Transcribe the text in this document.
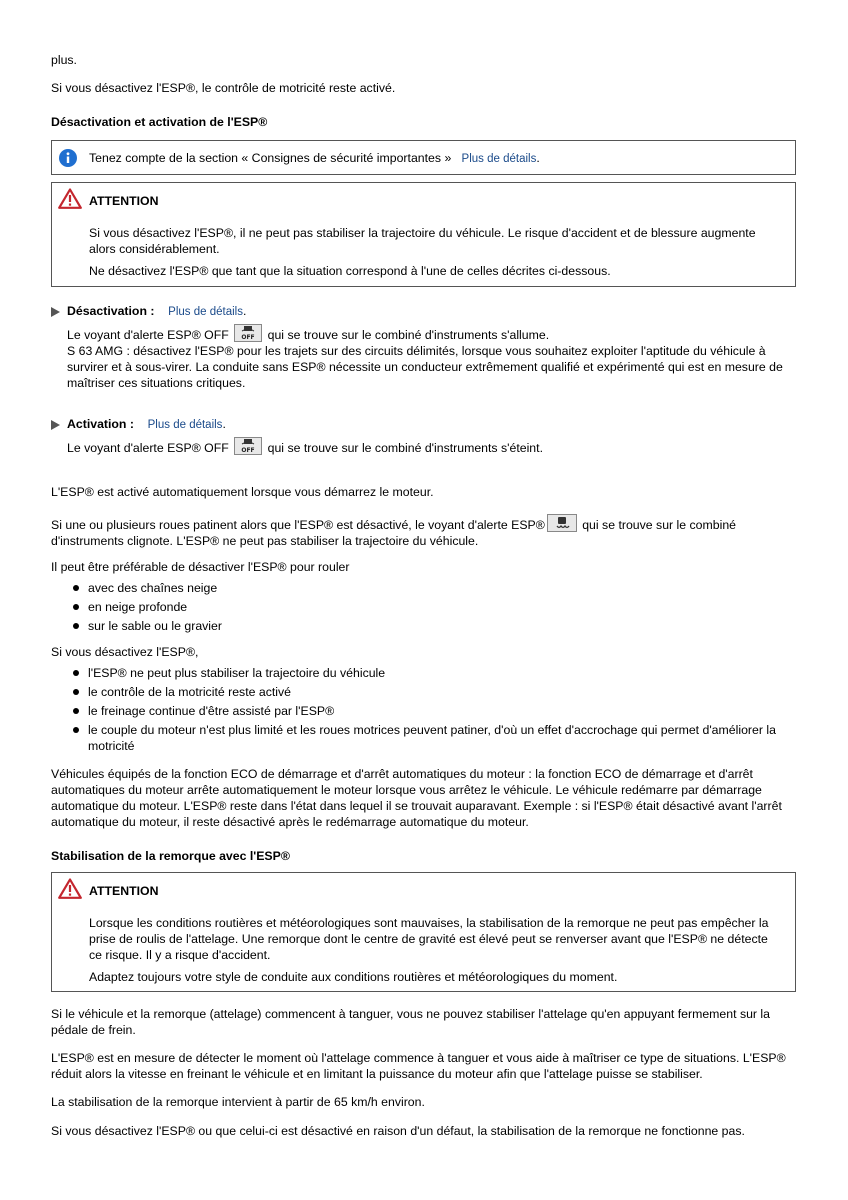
plus.

Si vous désactivez l'ESP®, le contrôle de motricité reste activé.

Désactivation et activation de l'ESP®

Tenez compte de la section « Consignes de sécurité importantes » Plus de détails.
ATTENTION
Si vous désactivez l'ESP®, il ne peut pas stabiliser la trajectoire du véhicule. Le risque d'accident et de blessure augmente alors considérablement.
Ne désactivez l'ESP® que tant que la situation correspond à l'une de celles décrites ci-dessous.
Désactivation : Plus de détails.
Le voyant d'alerte ESP® OFF OFF qui se trouve sur le combiné d'instruments s'allume.
S 63 AMG : désactivez l'ESP® pour les trajets sur des circuits délimités, lorsque vous souhaitez exploiter l'aptitude du véhicule à survirer et à sous-virer. La conduite sans ESP® nécessite un conducteur extrêmement qualifié et expérimenté qui est en mesure de maîtriser ces situations critiques.
Activation : Plus de détails.
Le voyant d'alerte ESP® OFF OFF qui se trouve sur le combiné d'instruments s'éteint.

L'ESP® est activé automatiquement lorsque vous démarrez le moteur.

Si une ou plusieurs roues patinent alors que l'ESP® est désactivé, le voyant d'alerte ESP®	qui se trouve sur le combiné d'instruments clignote. L'ESP® ne peut pas stabiliser la trajectoire du véhicule.

Il peut être préférable de désactiver l'ESP® pour rouler

avec des chaînes neige
en neige profonde
sur le sable ou le gravier

Si vous désactivez l'ESP®,

l'ESP® ne peut plus stabiliser la trajectoire du véhicule
le contrôle de la motricité reste activé
le freinage continue d'être assisté par l'ESP®
le couple du moteur n'est plus limité et les roues motrices peuvent patiner, d'où un effet d'accrochage qui permet d'améliorer la motricité

Véhicules équipés de la fonction ECO de démarrage et d'arrêt automatiques du moteur : la fonction ECO de démarrage et d'arrêt automatiques du moteur arrête automatiquement le moteur lorsque vous arrêtez le véhicule. Le véhicule redémarre par démarrage automatique du moteur. L'ESP® reste dans l'état dans lequel il se trouvait auparavant. Exemple : si l'ESP® était désactivé avant l'arrêt automatique du moteur, il reste désactivé après le redémarrage automatique du moteur.

Stabilisation de la remorque avec l'ESP®

ATTENTION
Lorsque les conditions routières et météorologiques sont mauvaises, la stabilisation de la remorque ne peut pas empêcher la prise de roulis de l'attelage. Une remorque dont le centre de gravité est élevé peut se renverser avant que l'ESP® ne détecte ce risque. Il y a risque d'accident.
Adaptez toujours votre style de conduite aux conditions routières et météorologiques du moment.

Si le véhicule et la remorque (attelage) commencent à tanguer, vous ne pouvez stabiliser l'attelage qu'en appuyant fermement sur la pédale de frein.

L'ESP® est en mesure de détecter le moment où l'attelage commence à tanguer et vous aide à maîtriser ce type de situations. L'ESP® réduit alors la vitesse en freinant le véhicule et en limitant la puissance du moteur afin que l'attelage puisse se stabiliser.

La stabilisation de la remorque intervient à partir de 65 km/h environ.

Si vous désactivez l'ESP® ou que celui-ci est désactivé en raison d'un défaut, la stabilisation de la remorque ne fonctionne pas.
